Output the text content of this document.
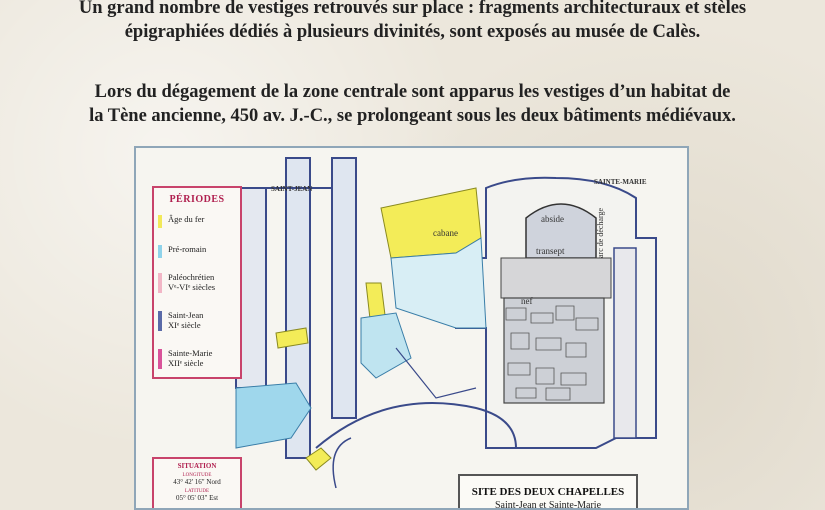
Un grand nombre de vestiges retrouvés sur place : fragments architecturaux et stèles
épigraphiées dédiés à plusieurs divinités, sont exposés au musée de Calès.
Lors du dégagement de la zone centrale sont apparus les vestiges d’un habitat de
la Tène ancienne, 450 av. J.-C., se prolongeant sous les deux bâtiments médiévaux.
SAINT-JEAN
SAINTE-MARIE
abside
transept
nef
cabane	arc de décharge
PÉRIODES
Âge du fer
Pré-romain
Paléochrétien
Vᵉ-VIᵉ siècles
Saint-Jean
XIᵉ siècle
Sainte-Marie
XIIᵉ siècle
SITUATION
LONGITUDE
43° 42' 16" Nord
LATITUDE
05° 05' 03" Est	SITE DES DEUX CHAPELLES
Saint-Jean et Sainte-Marie
